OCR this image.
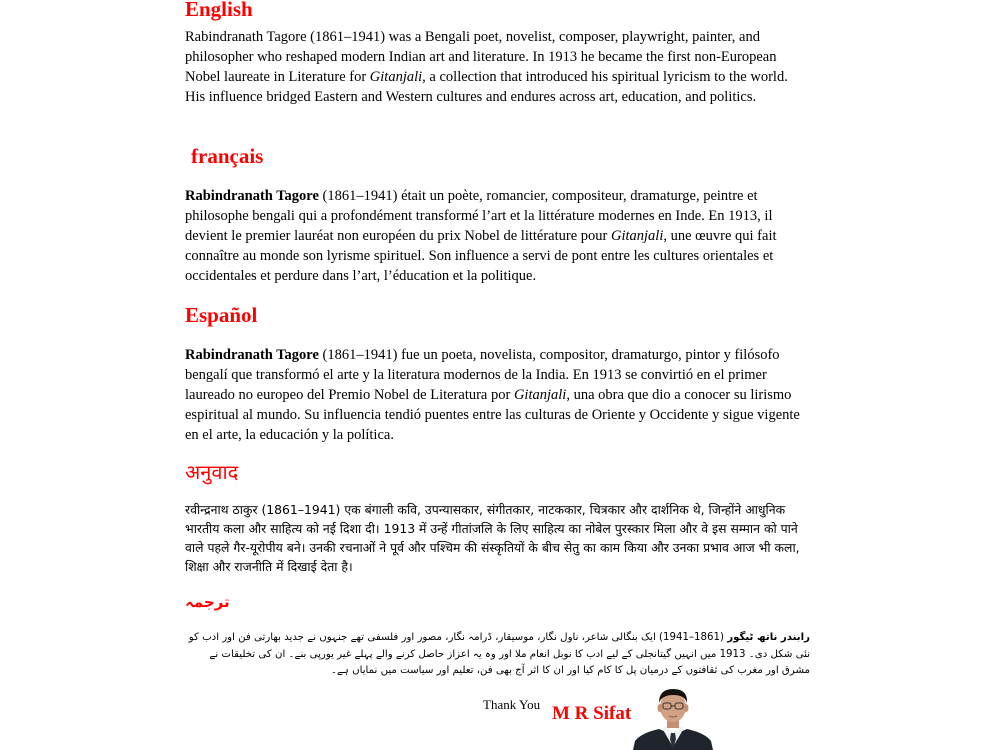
English

Rabindranath Tagore (1861–1941) was a Bengali poet, novelist, composer, playwright, painter, and philosopher who reshaped modern Indian art and literature. In 1913 he became the first non-European Nobel laureate in Literature for Gitanjali, a collection that introduced his spiritual lyricism to the world. His influence bridged Eastern and Western cultures and endures across art, education, and politics.

français

Rabindranath Tagore (1861–1941) était un poète, romancier, compositeur, dramaturge, peintre et philosophe bengali qui a profondément transformé l’art et la littérature modernes en Inde. En 1913, il devient le premier lauréat non européen du prix Nobel de littérature pour Gitanjali, une œuvre qui fait connaître au monde son lyrisme spirituel. Son influence a servi de pont entre les cultures orientales et occidentales et perdure dans l’art, l’éducation et la politique.

Español

Rabindranath Tagore (1861–1941) fue un poeta, novelista, compositor, dramaturgo, pintor y filósofo bengalí que transformó el arte y la literatura modernos de la India. En 1913 se convirtió en el primer laureado no europeo del Premio Nobel de Literatura por Gitanjali, una obra que dio a conocer su lirismo espiritual al mundo. Su influencia tendió puentes entre las culturas de Oriente y Occidente y sigue vigente en el arte, la educación y la política.

अनुवाद

रवीन्द्रनाथ ठाकुर (1861–1941) एक बंगाली कवि, उपन्यासकार, संगीतकार, नाटककार, चित्रकार और दार्शनिक थे, जिन्होंने आधुनिक भारतीय कला और साहित्य को नई दिशा दी। 1913 में उन्हें गीतांजलि के लिए साहित्य का नोबेल पुरस्कार मिला और वे इस सम्मान को पाने वाले पहले गैर-यूरोपीय बने। उनकी रचनाओं ने पूर्व और पश्चिम की संस्कृतियों के बीच सेतु का काम किया और उनका प्रभाव आज भी कला, शिक्षा और राजनीति में दिखाई देता है।

ترجمہ

رابندر ناتھ ٹیگور (1861–1941) ایک بنگالی شاعر، ناول نگار، موسیقار، ڈرامہ نگار، مصور اور فلسفی تھے جنہوں نے جدید بھارتی فن اور ادب کو نئی شکل دی۔ 1913 میں انہیں گیتانجلی کے لیے ادب کا نوبل انعام ملا اور وہ یہ اعزاز حاصل کرنے والے پہلے غیر یورپی بنے۔ ان کی تخلیقات نے مشرق اور مغرب کی ثقافتوں کے درمیان پل کا کام کیا اور ان کا اثر آج بھی فن، تعلیم اور سیاست میں نمایاں ہے۔

Thank You M R Sifat
